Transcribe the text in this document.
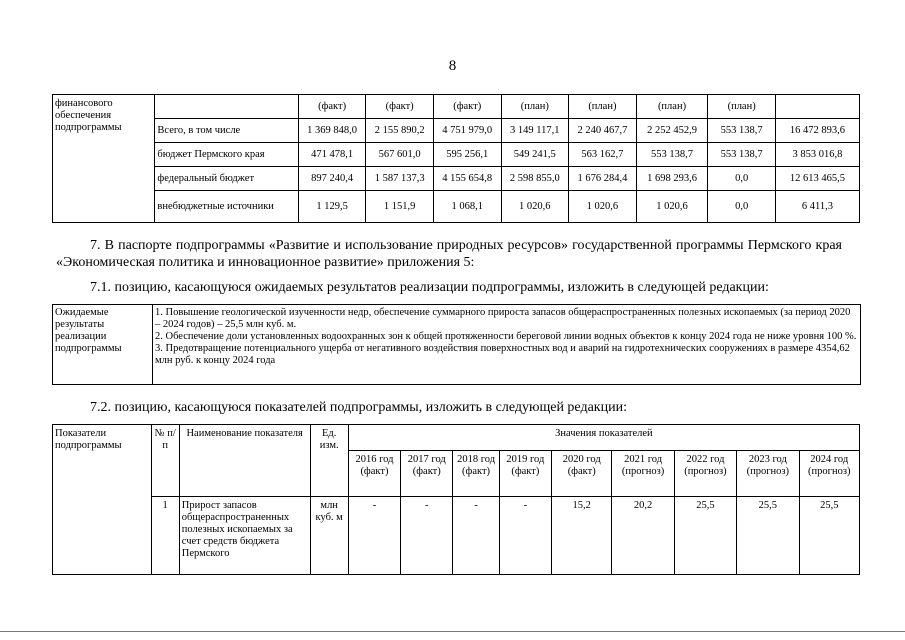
8
финансового обеспечения подпрограммы		(факт)	(факт)	(факт)	(план)	(план)	(план)	(план)	
	Всего, в том числе	1 369 848,0	2 155 890,2	4 751 979,0	3 149 117,1	2 240 467,7	2 252 452,9	553 138,7	16 472 893,6
	бюджет Пермского края	471 478,1	567 601,0	595 256,1	549 241,5	563 162,7	553 138,7	553 138,7	3 853 016,8
	федеральный бюджет	897 240,4	1 587 137,3	4 155 654,8	2 598 855,0	1 676 284,4	1 698 293,6	0,0	12 613 465,5
	внебюджетные источники	1 129,5	1 151,9	1 068,1	1 020,6	1 020,6	1 020,6	0,0	6 411,3
7. В паспорте подпрограммы «Развитие и использование природных ресурсов» государственной программы Пермского края «Экономическая политика и инновационное развитие» приложения 5:
7.1. позицию, касающуюся ожидаемых результатов реализации подпрограммы, изложить в следующей редакции:
Ожидаемые результаты реализации подпрограммы	
1. Повышение геологической изученности недр, обеспечение суммарного прироста запасов общераспространенных полезных ископаемых (за период 2020 – 2024 годов) – 25,5 млн куб. м.
2. Обеспечение доли установленных водоохранных зон к общей протяженности береговой линии водных объектов к концу 2024 года не ниже уровня 100 %.
3. Предотвращение потенциального ущерба от негативного воздействия поверхностных вод и аварий на гидротехнических сооружениях в размере 4354,62 млн руб. к концу 2024 года
7.2. позицию, касающуюся показателей подпрограммы, изложить в следующей редакции:
Показатели подпрограммы	№ п/п	Наименование показателя	Ед. изм.	Значения показателей								
				2016 год (факт)	2017 год (факт)	2018 год (факт)	2019 год (факт)	2020 год (факт)	2021 год (прогноз)	2022 год (прогноз)	2023 год (прогноз)	2024 год (прогноз)
	1	Прирост запасов общераспространенных полезных ископаемых за счет средств бюджета Пермского	млн куб. м	-	-	-	-	15,2	20,2	25,5	25,5	25,5
